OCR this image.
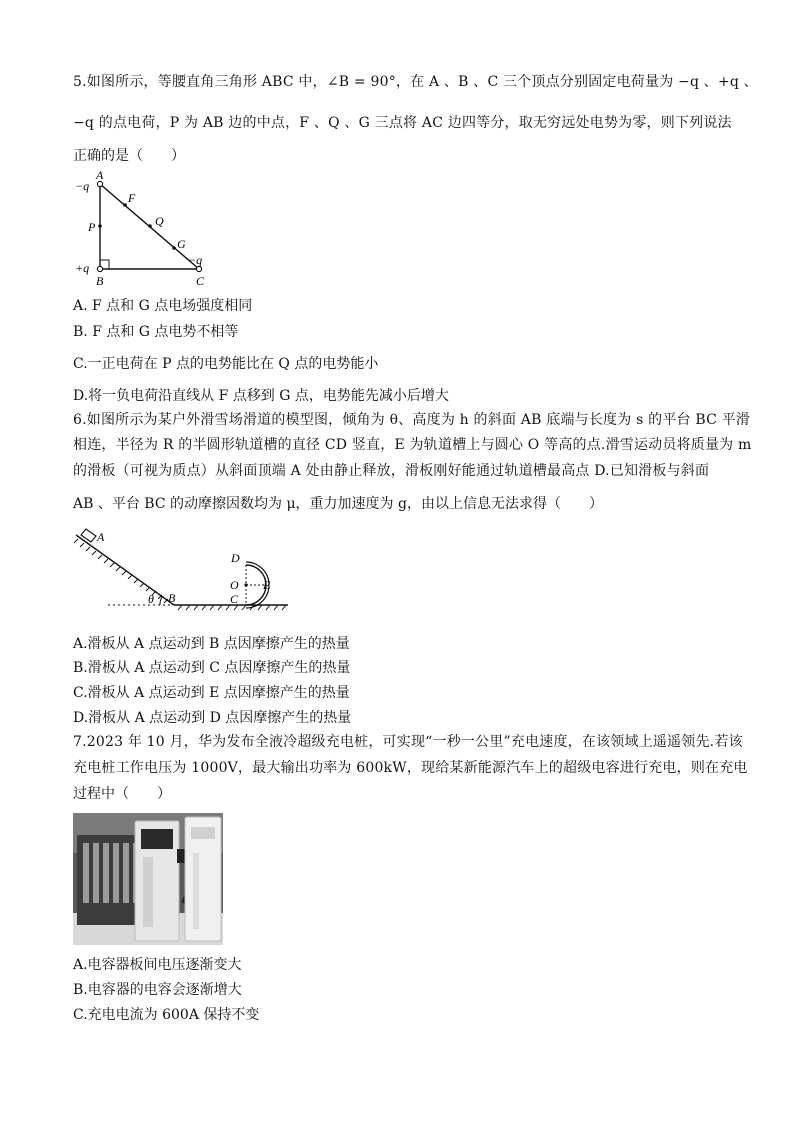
5.如图所示，等腰直角三角形 ABC 中，∠B = 90°，在 A 、B 、C 三个顶点分别固定电荷量为 −q 、+q 、
−q 的点电荷，P 为 AB 边的中点，F 、Q 、G 三点将 AC 边四等分，取无穷远处电势为零，则下列说法
正确的是（　　）
A
−q
P
F
Q
G
−q
+q
B	C
A. F 点和 G 点电场强度相同
B. F 点和 G 点电势不相等
C.一正电荷在 P 点的电势能比在 Q 点的电势能小
D.将一负电荷沿直线从 F 点移到 G 点，电势能先减小后增大
6.如图所示为某户外滑雪场滑道的模型图，倾角为 θ、高度为 h 的斜面 AB 底端与长度为 s 的平台 BC 平滑
相连，半径为 R 的半圆形轨道槽的直径 CD 竖直，E 为轨道槽上与圆心 O 等高的点.滑雪运动员将质量为 m
的滑板（可视为质点）从斜面顶端 A 处由静止释放，滑板刚好能通过轨道槽最高点 D.已知滑板与斜面
AB 、平台 BC 的动摩擦因数均为 μ，重力加速度为 g，由以上信息无法求得（　　）
A
θ B
D
O
C
E
A.滑板从 A 点运动到 B 点因摩擦产生的热量
B.滑板从 A 点运动到 C 点因摩擦产生的热量
C.滑板从 A 点运动到 E 点因摩擦产生的热量
D.滑板从 A 点运动到 D 点因摩擦产生的热量
7.2023 年 10 月，华为发布全液冷超级充电桩，可实现“一秒一公里”充电速度，在该领域上遥遥领先.若该
充电桩工作电压为 1000V，最大输出功率为 600kW，现给某新能源汽车上的超级电容进行充电，则在充电
过程中（　　）
A.电容器板间电压逐渐变大
B.电容器的电容会逐渐增大
C.充电电流为 600A 保持不变
